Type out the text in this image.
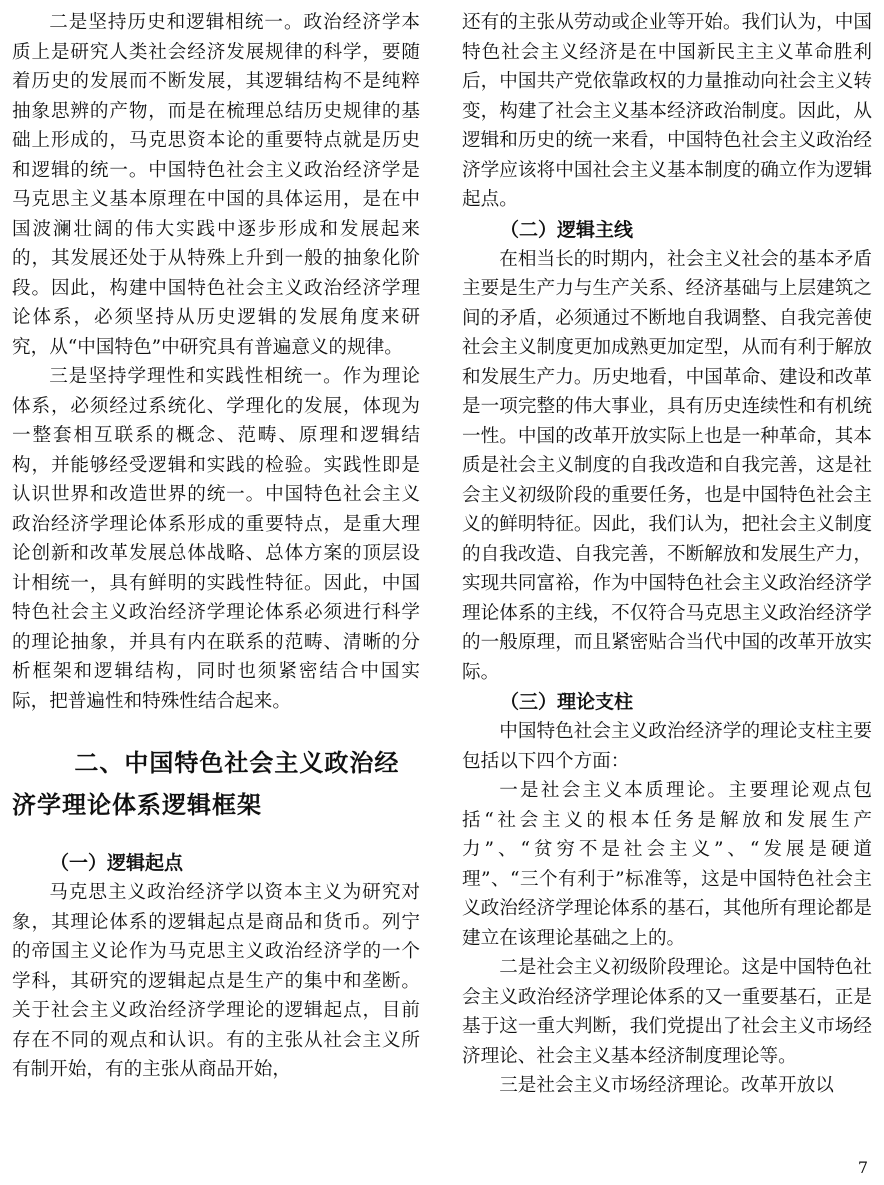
二是坚持历史和逻辑相统一。政治经济学本质上是研究人类社会经济发展规律的科学，要随着历史的发展而不断发展，其逻辑结构不是纯粹抽象思辨的产物，而是在梳理总结历史规律的基础上形成的，马克思资本论的重要特点就是历史和逻辑的统一。中国特色社会主义政治经济学是马克思主义基本原理在中国的具体运用，是在中国波澜壮阔的伟大实践中逐步形成和发展起来的，其发展还处于从特殊上升到一般的抽象化阶段。因此，构建中国特色社会主义政治经济学理论体系，必须坚持从历史逻辑的发展角度来研究，从“中国特色”中研究具有普遍意义的规律。

三是坚持学理性和实践性相统一。作为理论体系，必须经过系统化、学理化的发展，体现为一整套相互联系的概念、范畴、原理和逻辑结构，并能够经受逻辑和实践的检验。实践性即是认识世界和改造世界的统一。中国特色社会主义政治经济学理论体系形成的重要特点，是重大理论创新和改革发展总体战略、总体方案的顶层设计相统一，具有鲜明的实践性特征。因此，中国特色社会主义政治经济学理论体系必须进行科学的理论抽象，并具有内在联系的范畴、清晰的分析框架和逻辑结构，同时也须紧密结合中国实际，把普遍性和特殊性结合起来。

二、中国特色社会主义政治经
济学理论体系逻辑框架
（一）逻辑起点

马克思主义政治经济学以资本主义为研究对象，其理论体系的逻辑起点是商品和货币。列宁的帝国主义论作为马克思主义政治经济学的一个学科，其研究的逻辑起点是生产的集中和垄断。关于社会主义政治经济学理论的逻辑起点，目前存在不同的观点和认识。有的主张从社会主义所有制开始，有的主张从商品开始，

还有的主张从劳动或企业等开始。我们认为，中国特色社会主义经济是在中国新民主主义革命胜利后，中国共产党依靠政权的力量推动向社会主义转变，构建了社会主义基本经济政治制度。因此，从逻辑和历史的统一来看，中国特色社会主义政治经济学应该将中国社会主义基本制度的确立作为逻辑起点。

（二）逻辑主线

在相当长的时期内，社会主义社会的基本矛盾主要是生产力与生产关系、经济基础与上层建筑之间的矛盾，必须通过不断地自我调整、自我完善使社会主义制度更加成熟更加定型，从而有利于解放和发展生产力。历史地看，中国革命、建设和改革是一项完整的伟大事业，具有历史连续性和有机统一性。中国的改革开放实际上也是一种革命，其本质是社会主义制度的自我改造和自我完善，这是社会主义初级阶段的重要任务，也是中国特色社会主义的鲜明特征。因此，我们认为，把社会主义制度的自我改造、自我完善，不断解放和发展生产力，实现共同富裕，作为中国特色社会主义政治经济学理论体系的主线，不仅符合马克思主义政治经济学的一般原理，而且紧密贴合当代中国的改革开放实际。

（三）理论支柱

中国特色社会主义政治经济学的理论支柱主要包括以下四个方面：

一是社会主义本质理论。主要理论观点包括“社会主义的根本任务是解放和发展生产力”、“贫穷不是社会主义”、“发展是硬道理”、“三个有利于”标准等，这是中国特色社会主义政治经济学理论体系的基石，其他所有理论都是建立在该理论基础之上的。

二是社会主义初级阶段理论。这是中国特色社会主义政治经济学理论体系的又一重要基石，正是基于这一重大判断，我们党提出了社会主义市场经济理论、社会主义基本经济制度理论等。

三是社会主义市场经济理论。改革开放以

7
